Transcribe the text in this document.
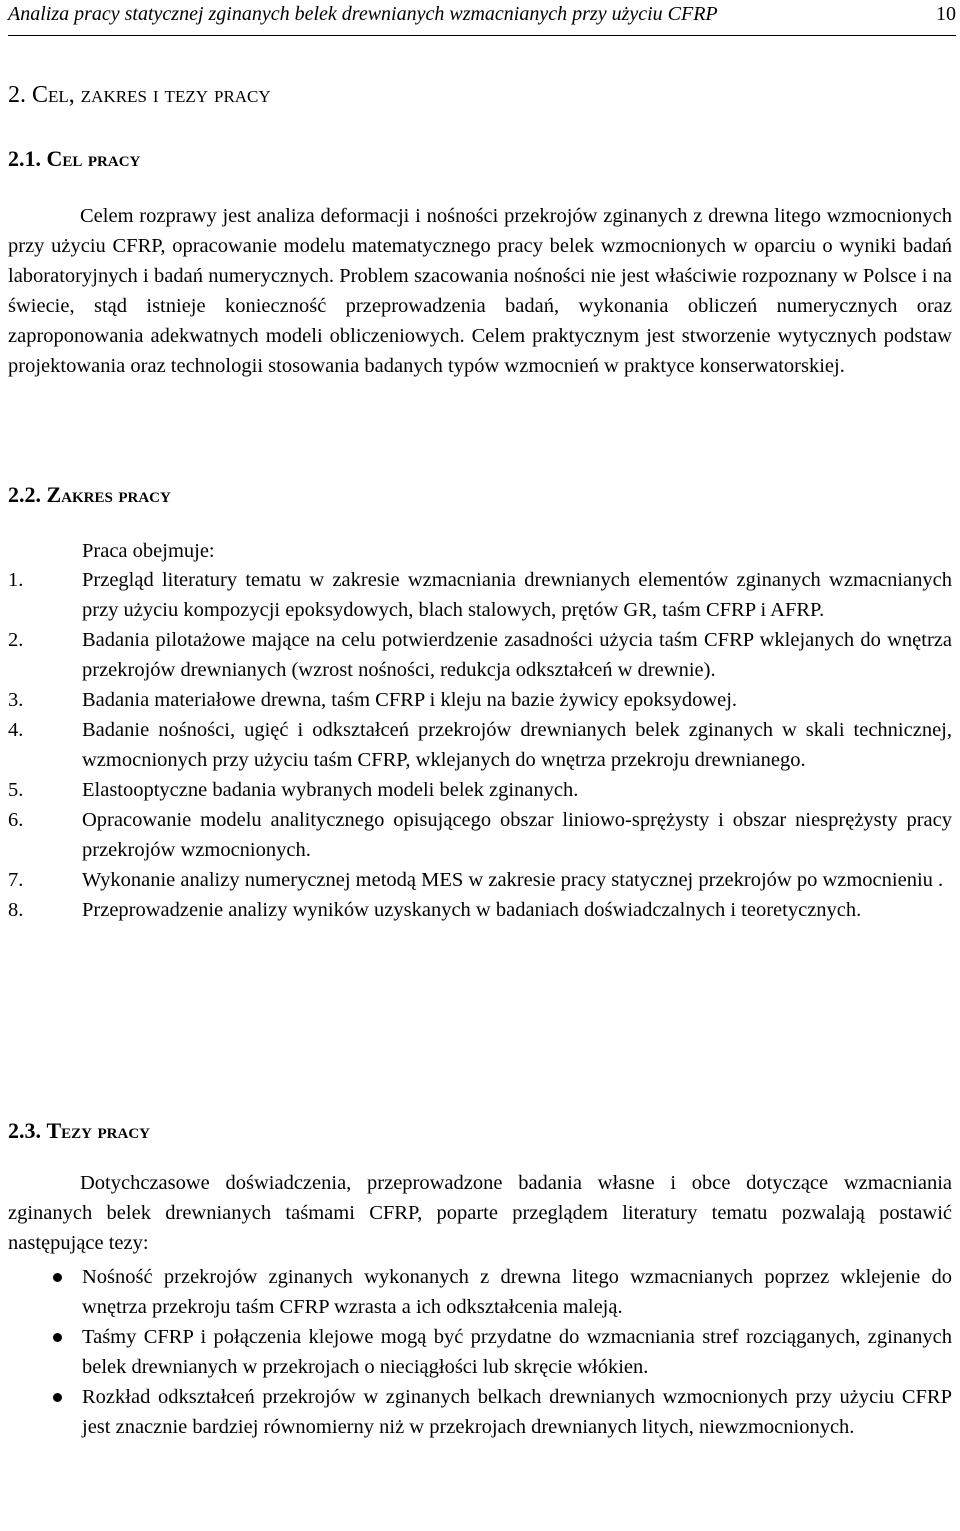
Analiza pracy statycznej zginanych belek drewnianych wzmacnianych przy użyciu CFRP	10
2. Cel, zakres i tezy pracy
2.1. Cel pracy
Celem rozprawy jest analiza deformacji i nośności przekrojów zginanych z drewna litego wzmocnionych przy użyciu CFRP, opracowanie modelu matematycznego pracy belek wzmocnionych w oparciu o wyniki badań laboratoryjnych i badań numerycznych. Problem szacowania nośności nie jest właściwie rozpoznany w Polsce i na świecie, stąd istnieje konieczność przeprowadzenia badań, wykonania obliczeń numerycznych oraz zaproponowania adekwatnych modeli obliczeniowych. Celem praktycznym jest stworzenie wytycznych podstaw projektowania oraz technologii stosowania badanych typów wzmocnień w praktyce konserwatorskiej.
2.2. Zakres pracy
Praca obejmuje:
1.	Przegląd literatury tematu w zakresie wzmacniania drewnianych elementów zginanych wzmacnianych przy użyciu kompozycji epoksydowych, blach stalowych, prętów GR, taśm CFRP i AFRP.
2.	Badania pilotażowe mające na celu potwierdzenie zasadności użycia taśm CFRP wklejanych do wnętrza przekrojów drewnianych (wzrost nośności, redukcja odkształceń w drewnie).
3.	Badania materiałowe drewna, taśm CFRP i kleju na bazie żywicy epoksydowej.
4.	Badanie nośności, ugięć i odkształceń przekrojów drewnianych belek zginanych w skali technicznej, wzmocnionych przy użyciu taśm CFRP, wklejanych do wnętrza przekroju drewnianego.
5.	Elastooptyczne badania wybranych modeli belek zginanych.
6.	Opracowanie modelu analitycznego opisującego obszar liniowo-sprężysty i obszar niesprężysty pracy przekrojów wzmocnionych.
7.	Wykonanie analizy numerycznej metodą MES w zakresie pracy statycznej przekrojów po wzmocnieniu .
8.	Przeprowadzenie analizy wyników uzyskanych w badaniach doświadczalnych i teoretycznych.
2.3. Tezy pracy
Dotychczasowe doświadczenia, przeprowadzone badania własne i obce dotyczące wzmacniania zginanych belek drewnianych taśmami CFRP, poparte przeglądem literatury tematu pozwalają postawić następujące tezy:
Nośność przekrojów zginanych wykonanych z drewna litego wzmacnianych poprzez wklejenie do wnętrza przekroju taśm CFRP wzrasta a ich odkształcenia maleją.
Taśmy CFRP i połączenia klejowe mogą być przydatne do wzmacniania stref rozciąganych, zginanych belek drewnianych w przekrojach o nieciągłości lub skręcie włókien.
Rozkład odkształceń przekrojów w zginanych belkach drewnianych wzmocnionych przy użyciu CFRP jest znacznie bardziej równomierny niż w przekrojach drewnianych litych, niewzmocnionych.
